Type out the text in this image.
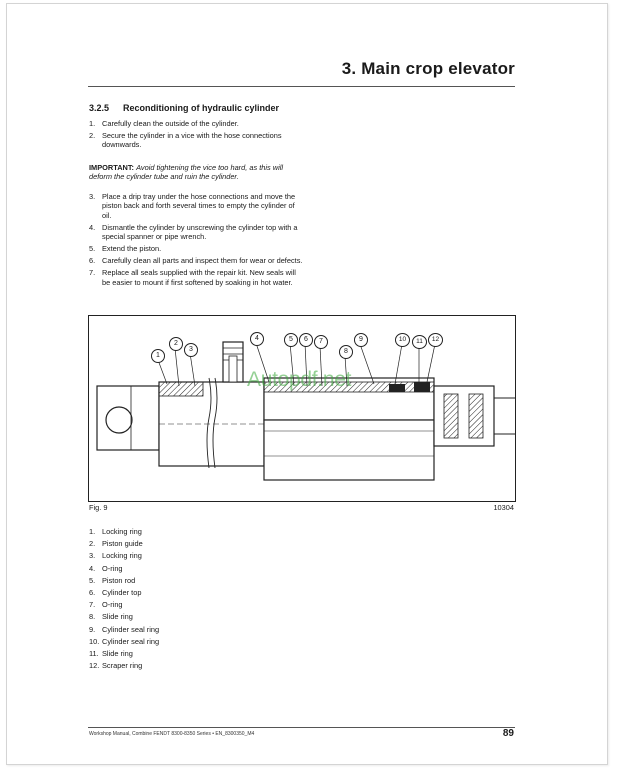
3. Main crop elevator
3.2.5 Reconditioning of hydraulic cylinder
1. Carefully clean the outside of the cylinder.
2. Secure the cylinder in a vice with the hose connections downwards.
IMPORTANT: Avoid tightening the vice too hard, as this will deform the cylinder tube and ruin the cylinder.
3. Place a drip tray under the hose connections and move the piston back and forth several times to empty the cylinder of oil.
4. Dismantle the cylinder by unscrewing the cylinder top with a special spanner or pipe wrench.
5. Extend the piston.
6. Carefully clean all parts and inspect them for wear or defects.
7. Replace all seals supplied with the repair kit. New seals will be easier to mount if first softened by soaking in hot water.
1
2
3
4	5	6	7
8
9	10	11	12
Autopdf.net
Fig. 9	10304
1. Locking ring
2. Piston guide
3. Locking ring
4. O-ring
5. Piston rod
6. Cylinder top
7. O-ring
8. Slide ring
9. Cylinder seal ring
10. Cylinder seal ring
11. Slide ring
12. Scraper ring
Workshop Manual, Combine FENDT 8300-8350 Series • EN_8300350_M4	89
